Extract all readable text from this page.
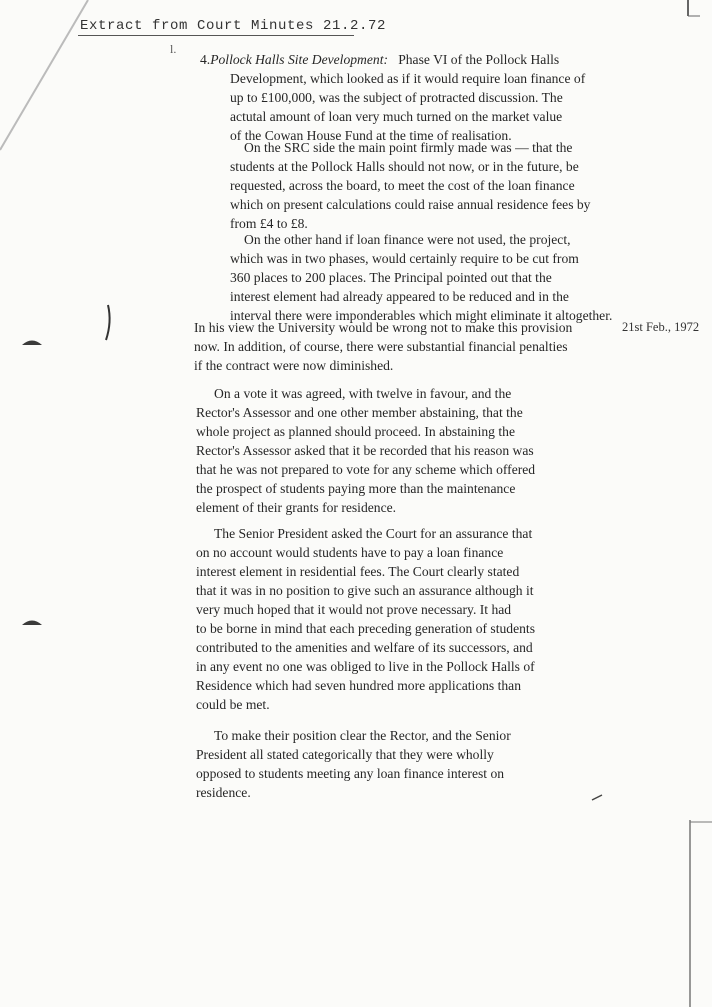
Extract from Court Minutes 21.2.72
l.
4.Pollock Halls Site Development: Phase VI of the Pollock Halls
Development, which looked as if it would require loan finance of
up to £100,000, was the subject of protracted discussion. The
actutal amount of loan very much turned on the market value
of the Cowan House Fund at the time of realisation.
On the SRC side the main point firmly made was — that the
students at the Pollock Halls should not now, or in the future, be
requested, across the board, to meet the cost of the loan finance
which on present calculations could raise annual residence fees by
from £4 to £8.
On the other hand if loan finance were not used, the project,
which was in two phases, would certainly require to be cut from
360 places to 200 places. The Principal pointed out that the
interest element had already appeared to be reduced and in the
interval there were imponderables which might eliminate it altogether.
In his view the University would be wrong not to make this provision
now. In addition, of course, there were substantial financial penalties
if the contract were now diminished.
21st Feb., 1972
On a vote it was agreed, with twelve in favour, and the
Rector's Assessor and one other member abstaining, that the
whole project as planned should proceed. In abstaining the
Rector's Assessor asked that it be recorded that his reason was
that he was not prepared to vote for any scheme which offered
the prospect of students paying more than the maintenance
element of their grants for residence.
The Senior President asked the Court for an assurance that
on no account would students have to pay a loan finance
interest element in residential fees. The Court clearly stated
that it was in no position to give such an assurance although it
very much hoped that it would not prove necessary. It had
to be borne in mind that each preceding generation of students
contributed to the amenities and welfare of its successors, and
in any event no one was obliged to live in the Pollock Halls of
Residence which had seven hundred more applications than
could be met.
To make their position clear the Rector, and the Senior
President all stated categorically that they were wholly
opposed to students meeting any loan finance interest on
residence.
